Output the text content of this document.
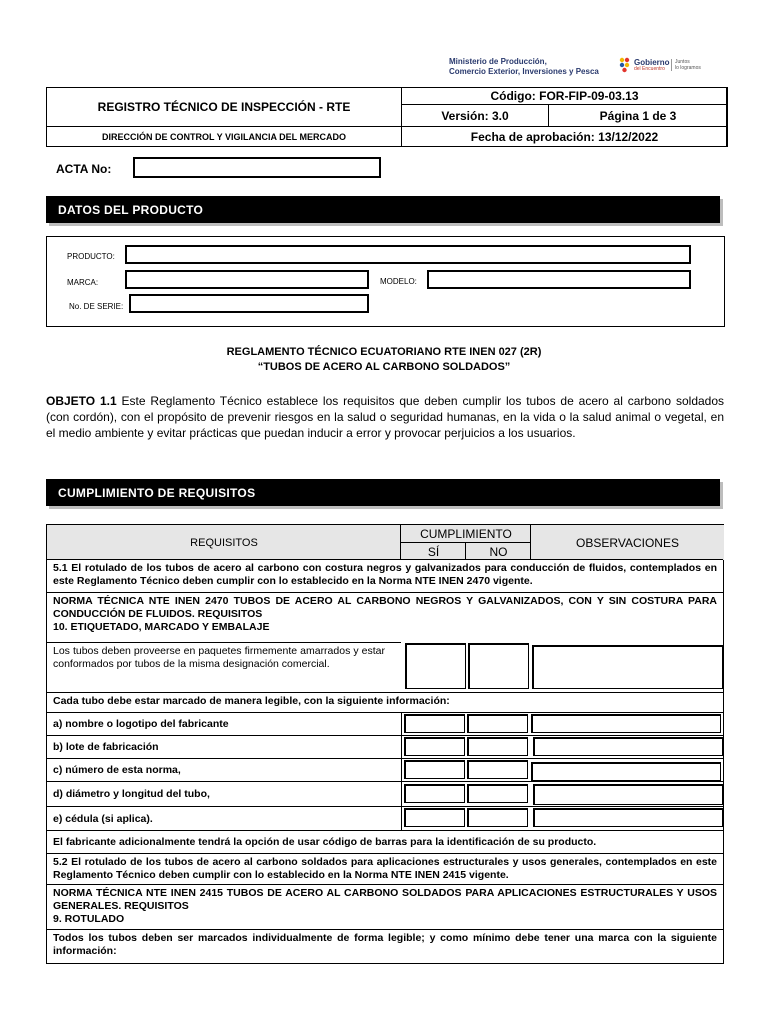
Ministerio de Producción,
Comercio Exterior, Inversiones y Pesca
Gobierno
del Encuentro
Juntos
lo logramos
REGISTRO TÉCNICO DE INSPECCIÓN - RTE
DIRECCIÓN DE CONTROL Y VIGILANCIA DEL MERCADO
Código: FOR-FIP-09-03.13
Versión: 3.0	Página 1 de 3
Fecha de aprobación: 13/12/2022
ACTA No:
DATOS DEL PRODUCTO
PRODUCTO:
MARCA:	MODELO:
No. DE SERIE:
REGLAMENTO TÉCNICO ECUATORIANO RTE INEN 027 (2R)
“TUBOS DE ACERO AL CARBONO SOLDADOS”
OBJETO 1.1 Este Reglamento Técnico establece los requisitos que deben cumplir los tubos de acero al carbono soldados (con cordón), con el propósito de prevenir riesgos en la salud o seguridad humanas, en la vida o la salud animal o vegetal, en el medio ambiente y evitar prácticas que puedan inducir a error y provocar perjuicios a los usuarios.
CUMPLIMIENTO DE REQUISITOS
REQUISITOS
CUMPLIMIENTO
SÍ	NO
OBSERVACIONES
5.1 El rotulado de los tubos de acero al carbono con costura negros y galvanizados para conducción de fluidos, contemplados en este Reglamento Técnico deben cumplir con lo establecido en la Norma NTE INEN 2470 vigente.
NORMA TÉCNICA NTE INEN 2470 TUBOS DE ACERO AL CARBONO NEGROS Y GALVANIZADOS, CON Y SIN COSTURA PARA CONDUCCIÓN DE FLUIDOS. REQUISITOS
10. ETIQUETADO, MARCADO Y EMBALAJE
Los tubos deben proveerse en paquetes firmemente amarrados y estar conformados por tubos de la misma designación comercial.
Cada tubo debe estar marcado de manera legible, con la siguiente información:
a) nombre o logotipo del fabricante
b) lote de fabricación
c) número de esta norma,
d) diámetro y longitud del tubo,
e) cédula (si aplica).
El fabricante adicionalmente tendrá la opción de usar código de barras para la identificación de su producto.
5.2 El rotulado de los tubos de acero al carbono soldados para aplicaciones estructurales y usos generales, contemplados en este Reglamento Técnico deben cumplir con lo establecido en la Norma NTE INEN 2415 vigente.
NORMA TÉCNICA NTE INEN 2415 TUBOS DE ACERO AL CARBONO SOLDADOS PARA APLICACIONES ESTRUCTURALES Y USOS GENERALES. REQUISITOS
9. ROTULADO
Todos los tubos deben ser marcados individualmente de forma legible; y como mínimo debe tener una marca con la siguiente información:
